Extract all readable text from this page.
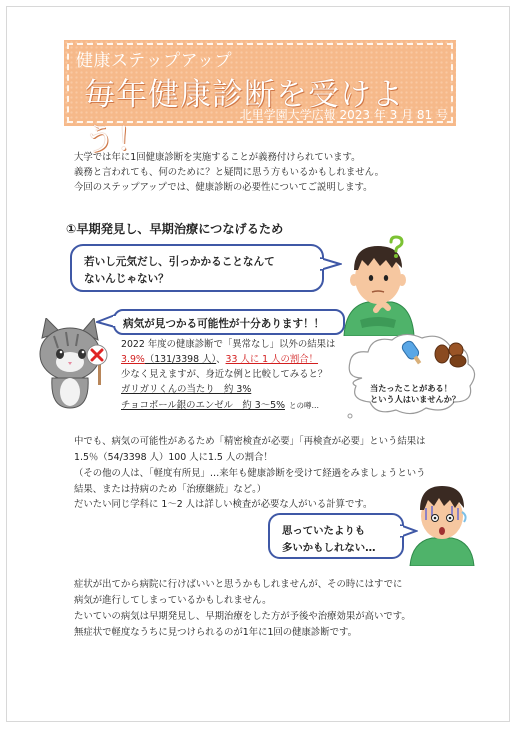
健康ステップアップ
毎年健康診断を受けよう！
北里学園大学広報 2023 年 3 月 81 号
大学では年に1回健康診断を実施することが義務付けられています。
義務と言われても、何のために？と疑問に思う方もいるかもしれません。
今回のステップアップでは、健康診断の必要性についてご説明します。
①早期発見し、早期治療につなげるため
若いし元気だし、引っかかることなんて
ないんじゃない？
病気が見つかる可能性が十分あります！！
2022 年度の健康診断で「異常なし」以外の結果は
3.9%（131/3398 人）、33 人に 1 人の割合！
少なく見えますが、身近な例と比較してみると？
ガリガリくんの当たり　約 3%
チョコボール銀のエンゼル　約 3～5% との噂…
当たったことがある！
という人はいませんか？
中でも、病気の可能性があるため「精密検査が必要」「再検査が必要」という結果は
1.5％（54/3398 人）100 人に1.5 人の割合！
（その他の人は、「軽度有所見」…来年も健康診断を受けて経過をみましょうという
結果、または持病のため「治療継続」など。）
だいたい同じ学科に 1～2 人は詳しい検査が必要な人がいる計算です。
思っていたよりも
多いかもしれない…
症状が出てから病院に行けばいいと思うかもしれませんが、その時にはすでに
病気が進行してしまっているかもしれません。
たいていの病気は早期発見し、早期治療をした方が予後や治療効果が高いです。
無症状で軽度なうちに見つけられるのが1年に1回の健康診断です。
